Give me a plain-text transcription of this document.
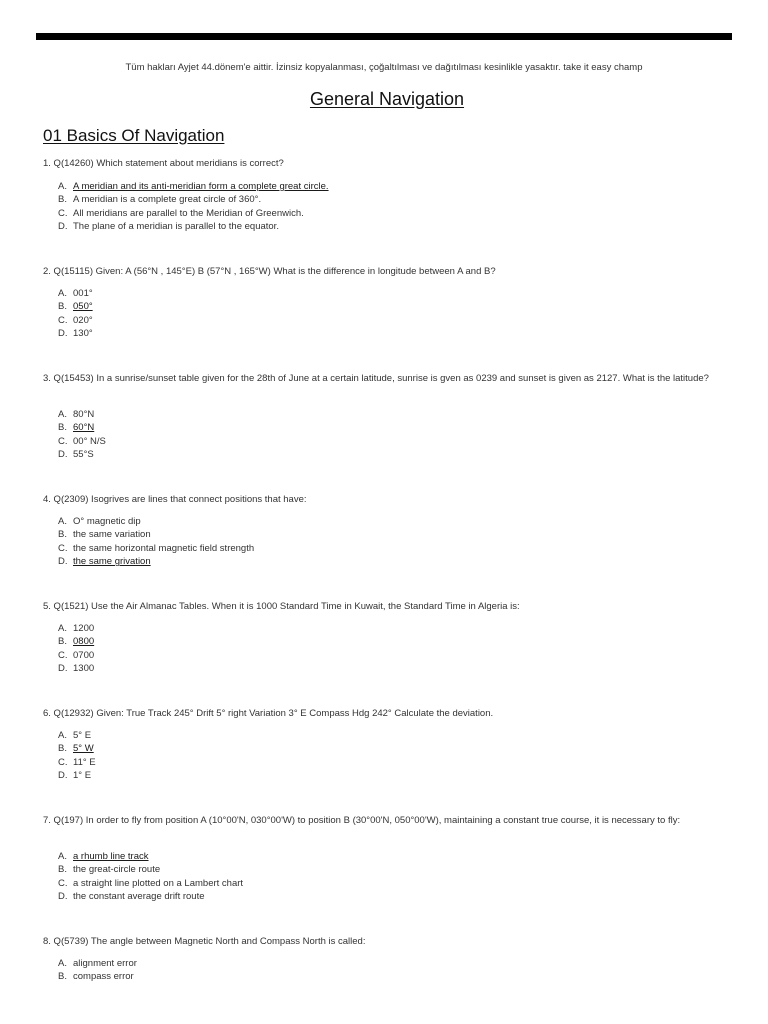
Tüm hakları Ayjet 44.dönem'e aittir. İzinsiz kopyalanması, çoğaltılması ve dağıtılması kesinlikle yasaktır. take it easy champ
General Navigation
01 Basics Of Navigation
1. Q(14260) Which statement about meridians is correct?
A. A meridian and its anti-meridian form a complete great circle.
B. A meridian is a complete great circle of 360°.
C. All meridians are parallel to the Meridian of Greenwich.
D. The plane of a meridian is parallel to the equator.
2. Q(15115) Given: A (56°N , 145°E) B (57°N , 165°W) What is the difference in longitude between A and B?
A. 001°
B. 050°
C. 020°
D. 130°
3. Q(15453) In a sunrise/sunset table given for the 28th of June at a certain latitude, sunrise is gven as 0239 and sunset is given as 2127. What is the latitude?
A. 80°N
B. 60°N
C. 00° N/S
D. 55°S
4. Q(2309) Isogrives are lines that connect positions that have:
A. O° magnetic dip
B. the same variation
C. the same horizontal magnetic field strength
D. the same grivation
5. Q(1521) Use the Air Almanac Tables. When it is 1000 Standard Time in Kuwait, the Standard Time in Algeria is:
A. 1200
B. 0800
C. 0700
D. 1300
6. Q(12932) Given: True Track 245° Drift 5° right Variation 3° E Compass Hdg 242° Calculate the deviation.
A. 5° E
B. 5° W
C. 11° E
D. 1° E
7. Q(197) In order to fly from position A (10°00'N, 030°00'W) to position B (30°00'N, 050°00'W), maintaining a constant true course, it is necessary to fly:
A. a rhumb line track
B. the great-circle route
C. a straight line plotted on a Lambert chart
D. the constant average drift route
8. Q(5739) The angle between Magnetic North and Compass North is called:
A. alignment error
B. compass error
